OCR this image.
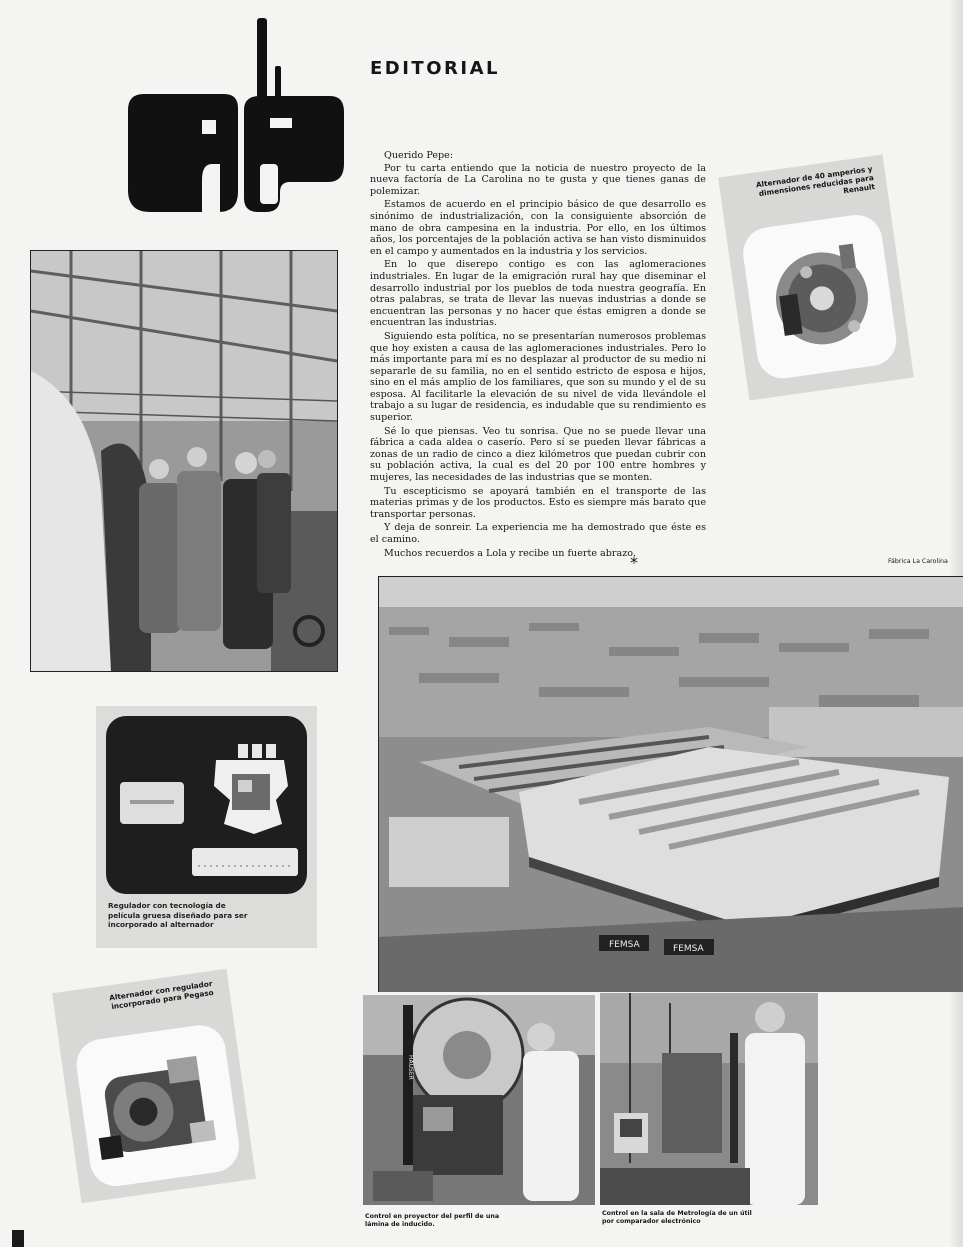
EDITORIAL

Querido Pepe:

Por tu carta entiendo que la noticia de nuestro proyecto de la nueva factoría de La Carolina no te gusta y que tienes ganas de polemizar.

Estamos de acuerdo en el principio básico de que desarrollo es sinónimo de industrialización, con la consiguiente absorción de mano de obra campesina en la industria. Por ello, en los últimos años, los porcentajes de la población activa se han visto disminuidos en el campo y aumentados en la industria y los servicios.

En lo que diserepo contigo es con las aglomeraciones industriales. En lugar de la emigración rural hay que diseminar el desarrollo industrial por los pueblos de toda nuestra geografía. En otras palabras, se trata de llevar las nuevas industrias a donde se encuentran las personas y no hacer que éstas emigren a donde se encuentran las industrias.

Siguiendo esta política, no se presentarían numerosos problemas que hoy existen a causa de las aglomeraciones industriales. Pero lo más importante para mí es no desplazar al productor de su medio ni separarle de su familia, no en el sentido estricto de esposa e hijos, sino en el más amplio de los familiares, que son su mundo y el de su esposa. Al facilitarle la elevación de su nivel de vida llevándole el trabajo a su lugar de residencia, es indudable que su rendimiento es superior.

Sé lo que piensas. Veo tu sonrisa. Que no se puede llevar una fábrica a cada aldea o caserío. Pero sí se pueden llevar fábricas a zonas de un radio de cinco a diez kilómetros que puedan cubrir con su población activa, la cual es del 20 por 100 entre hombres y mujeres, las necesidades de las industrias que se monten.

Tu escepticismo se apoyará también en el transporte de las materias primas y de los productos. Esto es siempre más barato que transportar personas.

Y deja de sonreir. La experiencia me ha demostrado que éste es el camino.

Muchos recuerdos a Lola y recibe un fuerte abrazo.

*
Alternador de 40 amperios y dimensiones reducidas para Renault
Regulador con tecnología de película gruesa diseñado para ser incorporado al alternador
Alternador con regulador incorporado para Pegaso
Fábrica La Carolina
FEMSA	FEMSA
HAUSER
Control en proyector del perfil de una lámina de inducido.
Control en la sala de Metrología de un útil por comparador electrónico
